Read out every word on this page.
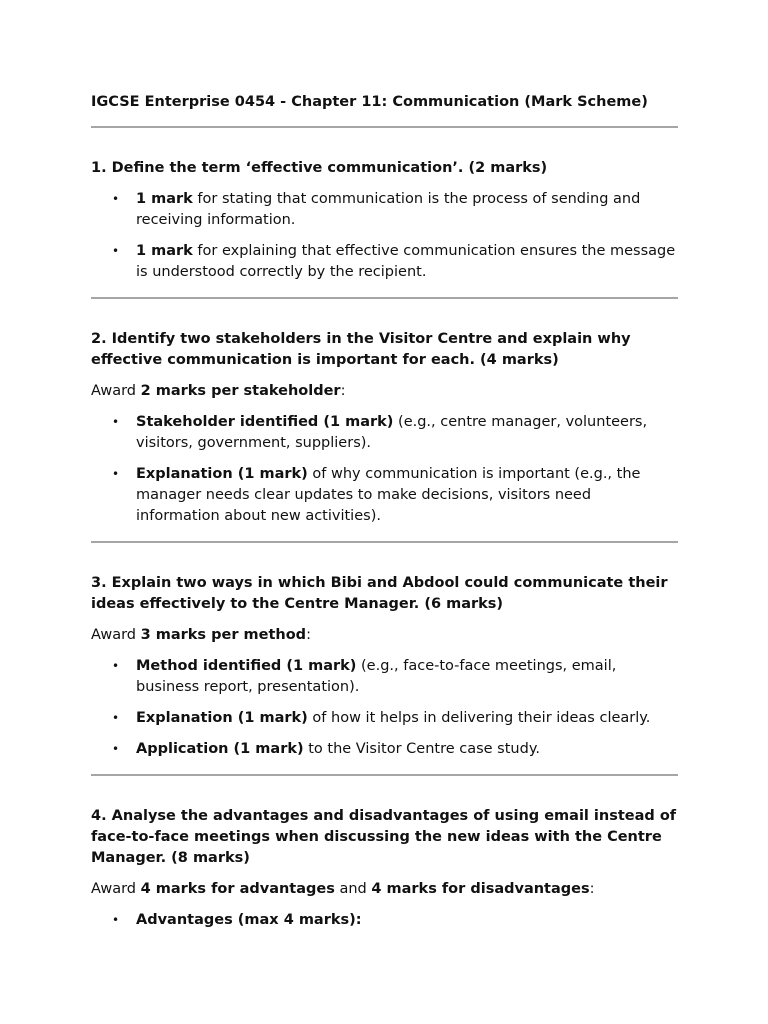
IGCSE Enterprise 0454 - Chapter 11: Communication (Mark Scheme)

1. Define the term ‘effective communication’. (2 marks)

• 1 mark for stating that communication is the process of sending and receiving information.
• 1 mark for explaining that effective communication ensures the message is understood correctly by the recipient.

2. Identify two stakeholders in the Visitor Centre and explain why effective communication is important for each. (4 marks)

Award 2 marks per stakeholder:

• Stakeholder identified (1 mark) (e.g., centre manager, volunteers, visitors, government, suppliers).
• Explanation (1 mark) of why communication is important (e.g., the manager needs clear updates to make decisions, visitors need information about new activities).

3. Explain two ways in which Bibi and Abdool could communicate their ideas effectively to the Centre Manager. (6 marks)

Award 3 marks per method:

• Method identified (1 mark) (e.g., face-to-face meetings, email, business report, presentation).
• Explanation (1 mark) of how it helps in delivering their ideas clearly.
• Application (1 mark) to the Visitor Centre case study.

4. Analyse the advantages and disadvantages of using email instead of face-to-face meetings when discussing the new ideas with the Centre Manager. (8 marks)

Award 4 marks for advantages and 4 marks for disadvantages:

• Advantages (max 4 marks):
